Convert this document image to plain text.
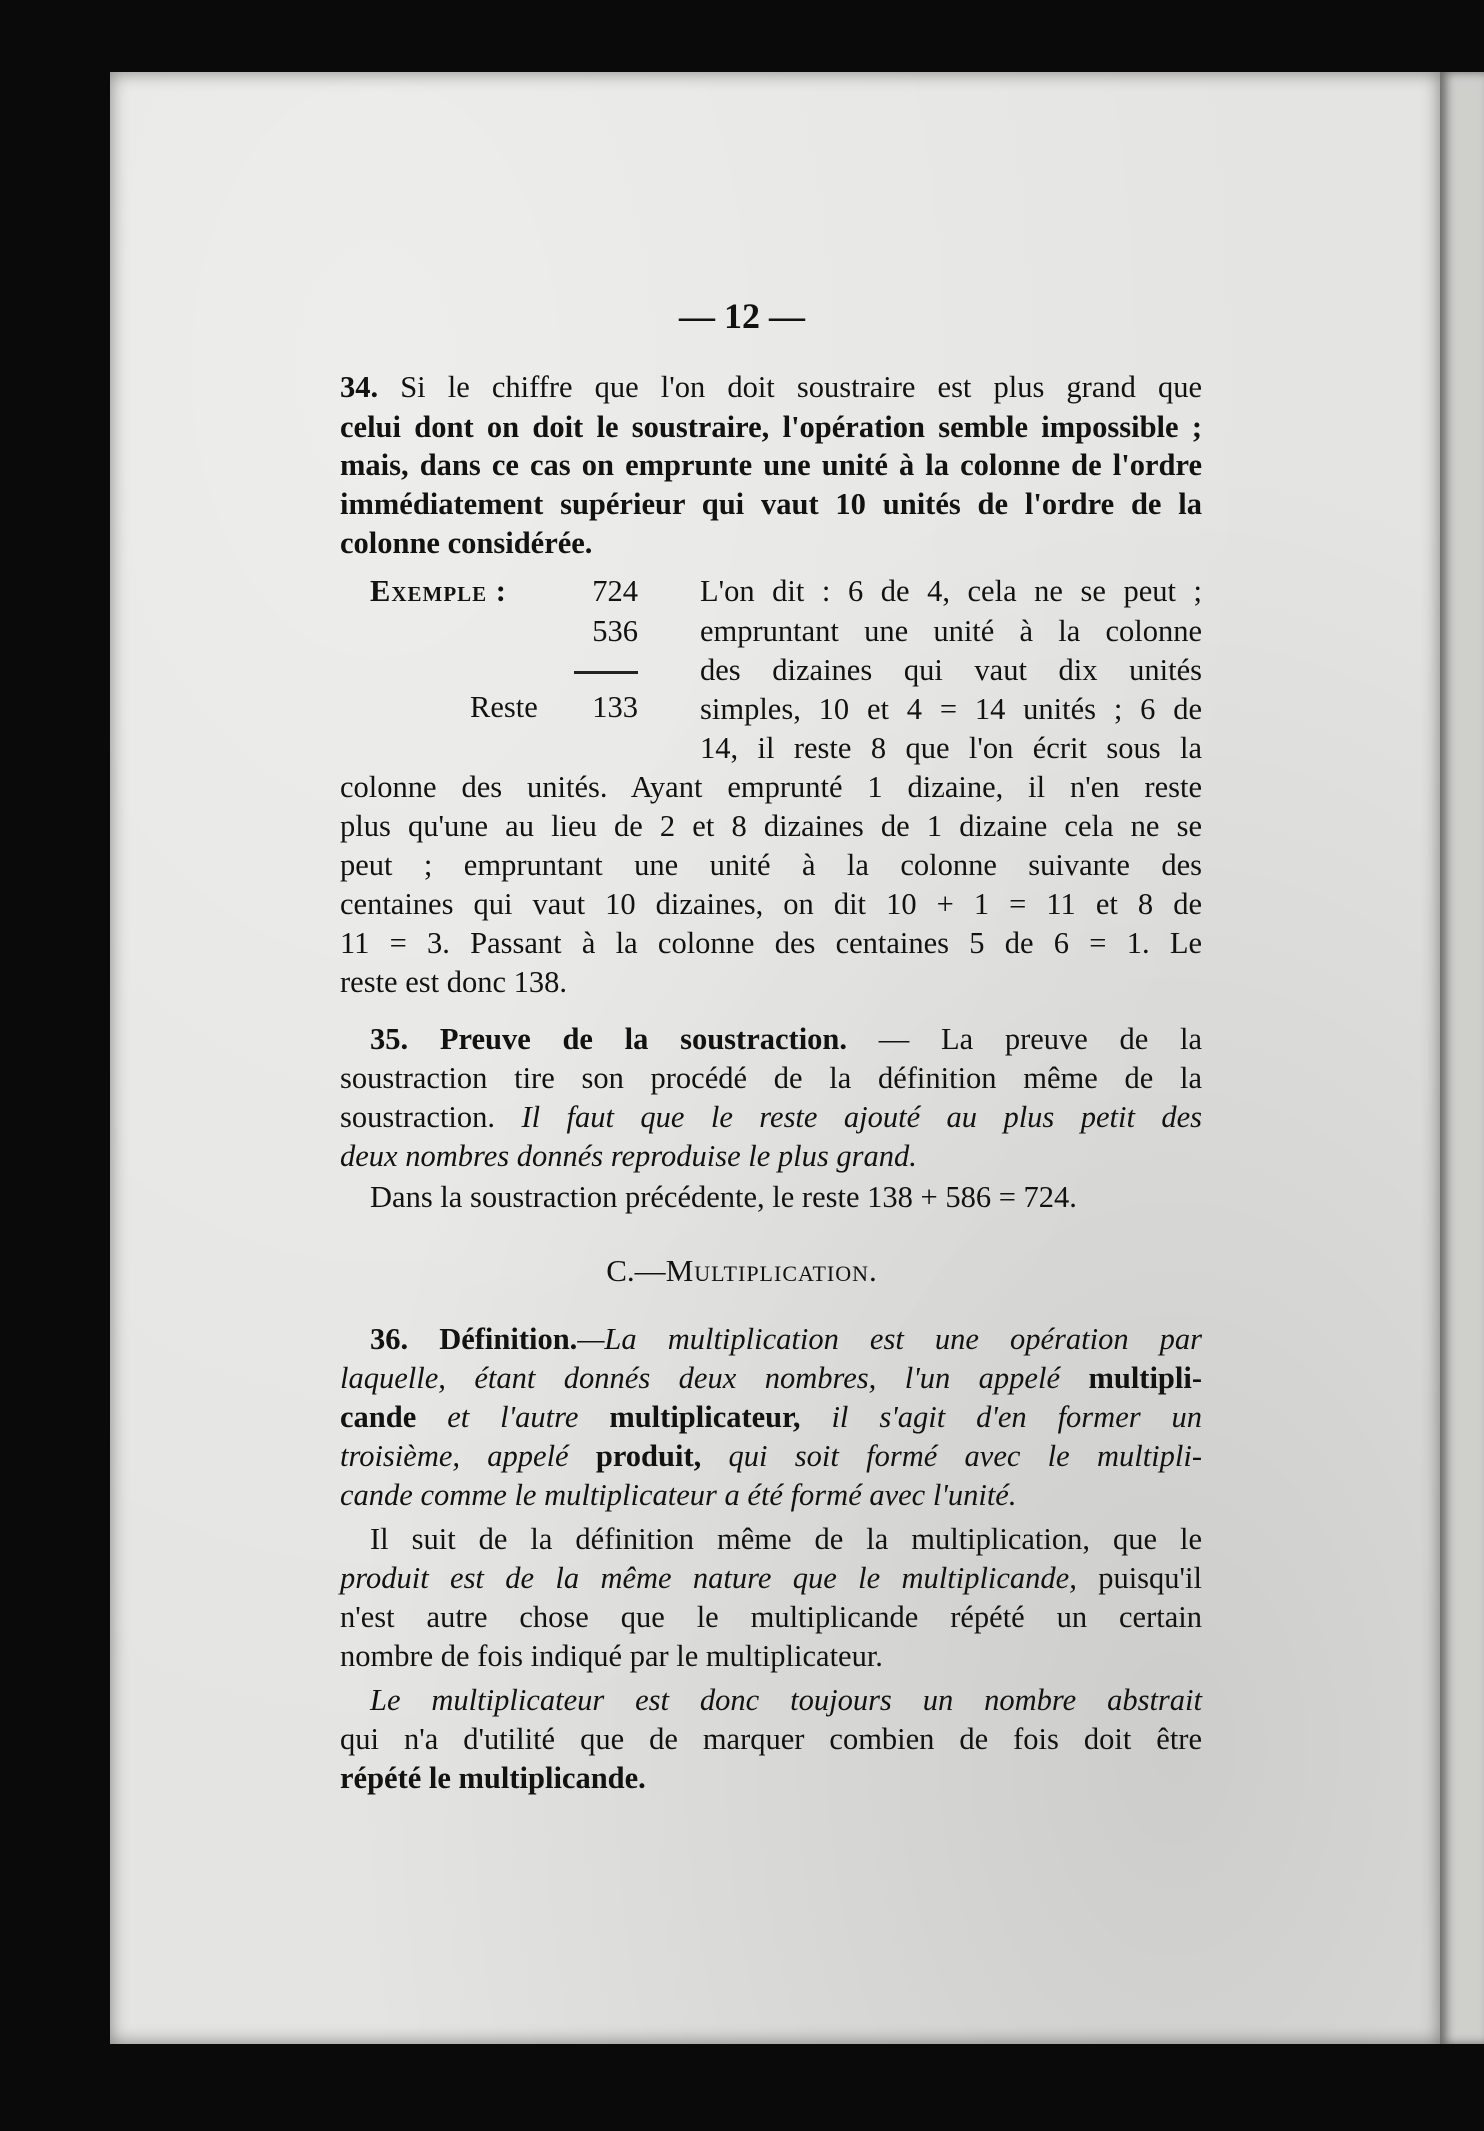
— 12 —
34. Si le chiffre que l'on doit soustraire est plus grand que
celui dont on doit le soustraire, l'opération semble impossible ;
mais, dans ce cas on emprunte une unité à la colonne de l'ordre
immédiatement supérieur qui vaut 10 unités de l'ordre de la
colonne considérée.
Exemple :	724
536
Reste	133
L'on dit : 6 de 4, cela ne se peut ;
empruntant une unité à la colonne
des dizaines qui vaut dix unités
simples, 10 et 4 = 14 unités ; 6 de
14, il reste 8 que l'on écrit sous la
colonne des unités. Ayant emprunté 1 dizaine, il n'en reste
plus qu'une au lieu de 2 et 8 dizaines de 1 dizaine cela ne se
peut ; empruntant une unité à la colonne suivante des
centaines qui vaut 10 dizaines, on dit 10 + 1 = 11 et 8 de
11 = 3. Passant à la colonne des centaines 5 de 6 = 1. Le
reste est donc 138.
35. Preuve de la soustraction. — La preuve de la
soustraction tire son procédé de la définition même de la
soustraction. Il faut que le reste ajouté au plus petit des
deux nombres donnés reproduise le plus grand.
Dans la soustraction précédente, le reste 138 + 586 = 724.
C.—Multiplication.
36. Définition.—La multiplication est une opération par
laquelle, étant donnés deux nombres, l'un appelé multipli-
cande et l'autre multiplicateur, il s'agit d'en former un
troisième, appelé produit, qui soit formé avec le multipli-
cande comme le multiplicateur a été formé avec l'unité.
Il suit de la définition même de la multiplication, que le
produit est de la même nature que le multiplicande, puisqu'il
n'est autre chose que le multiplicande répété un certain
nombre de fois indiqué par le multiplicateur.
Le multiplicateur est donc toujours un nombre abstrait
qui n'a d'utilité que de marquer combien de fois doit être
répété le multiplicande.
